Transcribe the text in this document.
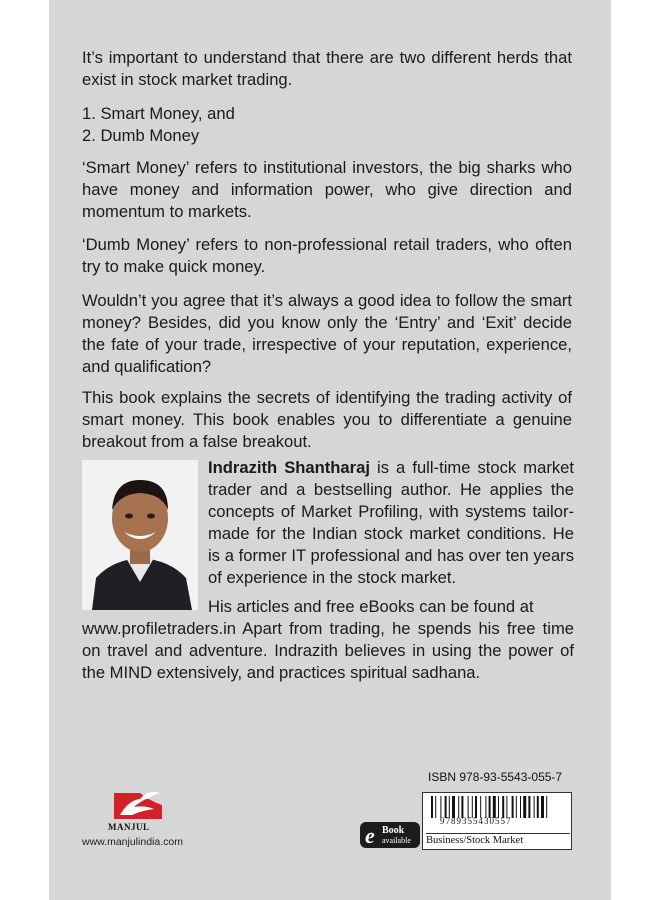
It’s important to understand that there are two different herds that exist in stock market trading.

1. Smart Money, and

2. Dumb Money

‘Smart Money’ refers to institutional investors, the big sharks who have money and information power, who give direction and momentum to markets.

‘Dumb Money’ refers to non-professional retail traders, who often try to make quick money.

Wouldn’t you agree that it’s always a good idea to follow the smart money? Besides, did you know only the ‘Entry’ and ‘Exit’ decide the fate of your trade, irrespective of your reputation, experience, and qualification?

This book explains the secrets of identifying the trading activity of smart money. This book enables you to differentiate a genuine breakout from a false breakout.

Indrazith Shantharaj is a full-time stock market trader and a bestselling author. He applies the concepts of Market Profiling, with systems tailor-made for the Indian stock market conditions. He is a former IT professional and has over ten years of experience in the stock market.
His articles and free eBooks can be found at
www.profiletraders.in Apart from trading, he spends his free time on travel and adventure. Indrazith believes in using the power of the MIND extensively, and practices spiritual sadhana.
MANJUL
www.manjulindia.com	e Book
available
ISBN 978-93-5543-055-7
9789355430557
Business/Stock Market
